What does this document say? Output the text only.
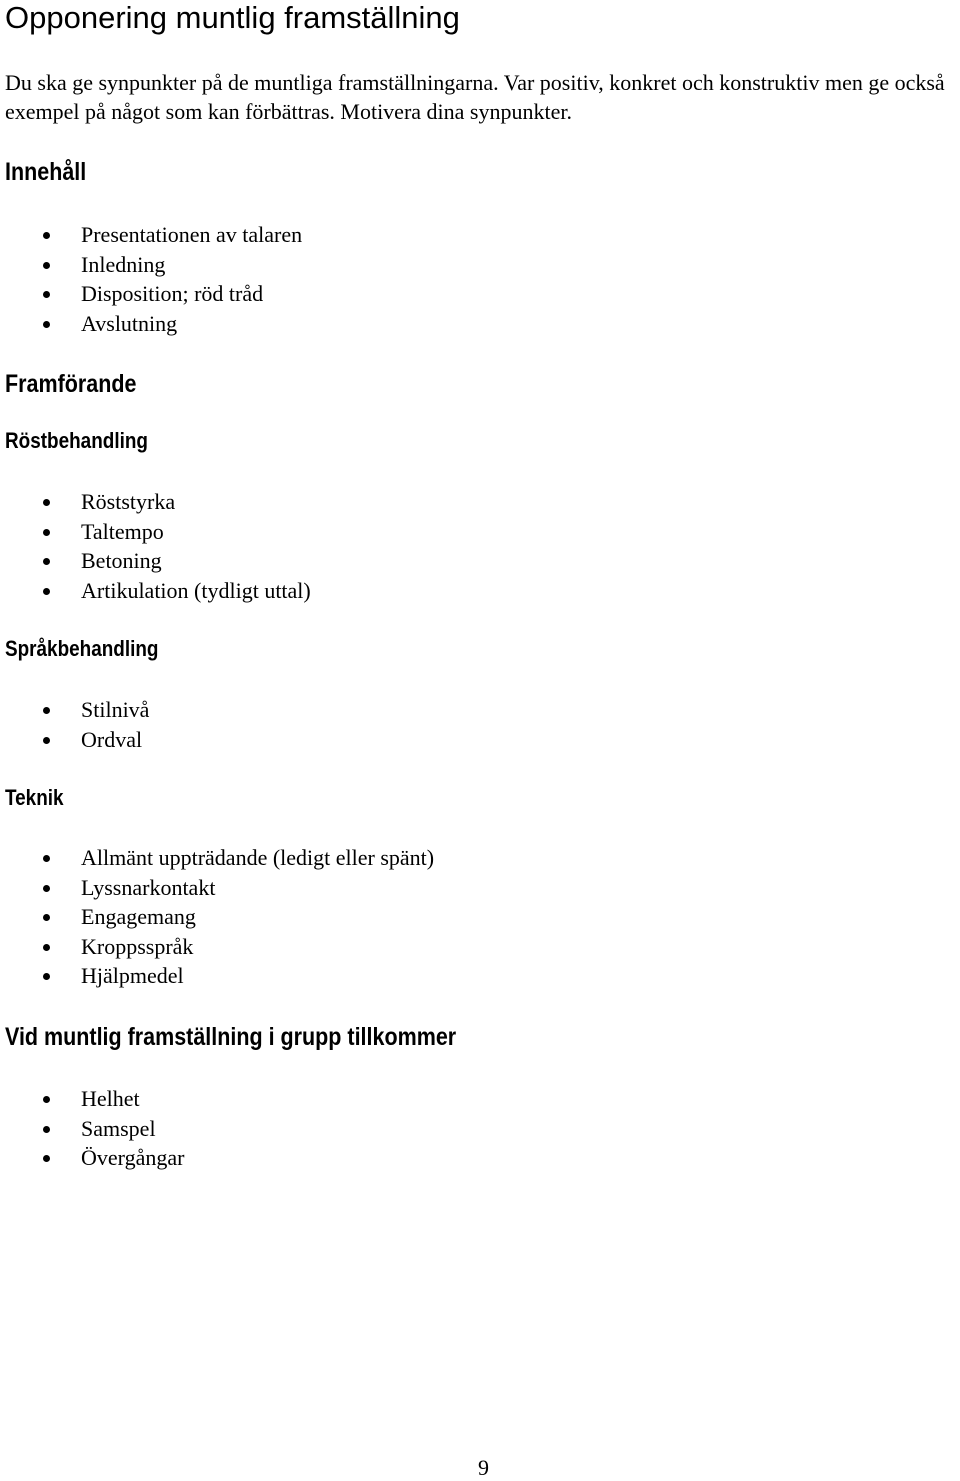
Opponering muntlig framställning

Du ska ge synpunkter på de muntliga framställningarna. Var positiv, konkret och konstruktiv men ge också exempel på något som kan förbättras. Motivera dina synpunkter.

Innehåll
Presentationen av talaren
Inledning
Disposition; röd tråd
Avslutning
Framförande
Röstbehandling
Röststyrka
Taltempo
Betoning
Artikulation (tydligt uttal)
Språkbehandling
Stilnivå
Ordval
Teknik
Allmänt uppträdande (ledigt eller spänt)
Lyssnarkontakt
Engagemang
Kroppsspråk
Hjälpmedel
Vid muntlig framställning i grupp tillkommer
Helhet
Samspel
Övergångar

9
